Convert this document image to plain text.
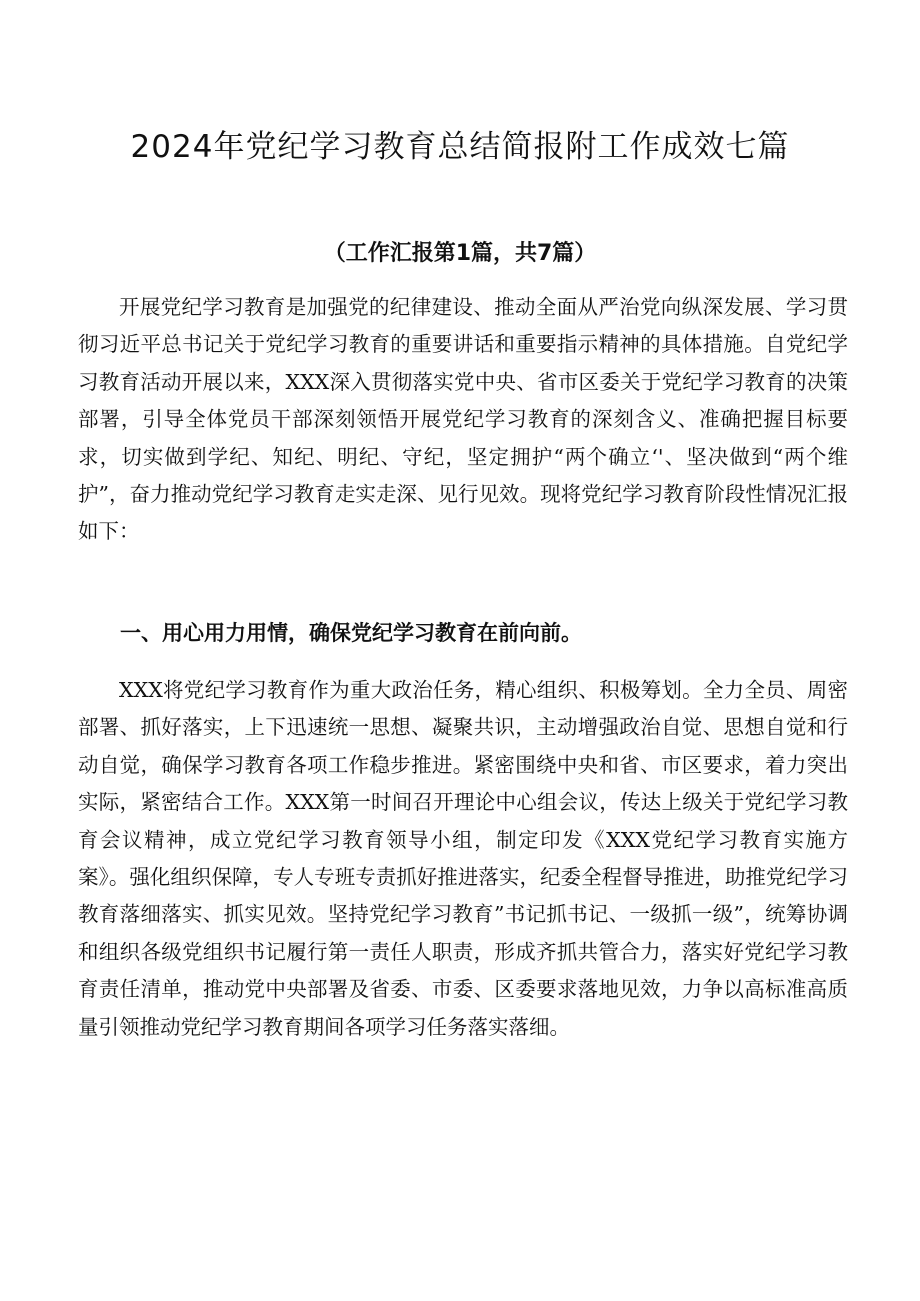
2024年党纪学习教育总结简报附工作成效七篇
（工作汇报第1篇，共7篇）

开展党纪学习教育是加强党的纪律建设、推动全面从严治党向纵深发展、学习贯彻习近平总书记关于党纪学习教育的重要讲话和重要指示精神的具体措施。自党纪学习教育活动开展以来，XXX深入贯彻落实党中央、省市区委关于党纪学习教育的决策部署，引导全体党员干部深刻领悟开展党纪学习教育的深刻含义、准确把握目标要求，切实做到学纪、知纪、明纪、守纪，坚定拥护“两个确立‘'、坚决做到“两个维护”，奋力推动党纪学习教育走实走深、见行见效。现将党纪学习教育阶段性情况汇报如下：

一、用心用力用情，确保党纪学习教育在前向前。

XXX将党纪学习教育作为重大政治任务，精心组织、积极筹划。全力全员、周密部署、抓好落实，上下迅速统一思想、凝聚共识，主动增强政治自觉、思想自觉和行动自觉，确保学习教育各项工作稳步推进。紧密围绕中央和省、市区要求，着力突出实际，紧密结合工作。XXX第一时间召开理论中心组会议，传达上级关于党纪学习教育会议精神，成立党纪学习教育领导小组，制定印发《XXX党纪学习教育实施方案》。强化组织保障，专人专班专责抓好推进落实，纪委全程督导推进，助推党纪学习教育落细落实、抓实见效。坚持党纪学习教育”书记抓书记、一级抓一级”，统筹协调和组织各级党组织书记履行第一责任人职责，形成齐抓共管合力，落实好党纪学习教育责任清单，推动党中央部署及省委、市委、区委要求落地见效，力争以高标准高质量引领推动党纪学习教育期间各项学习任务落实落细。
